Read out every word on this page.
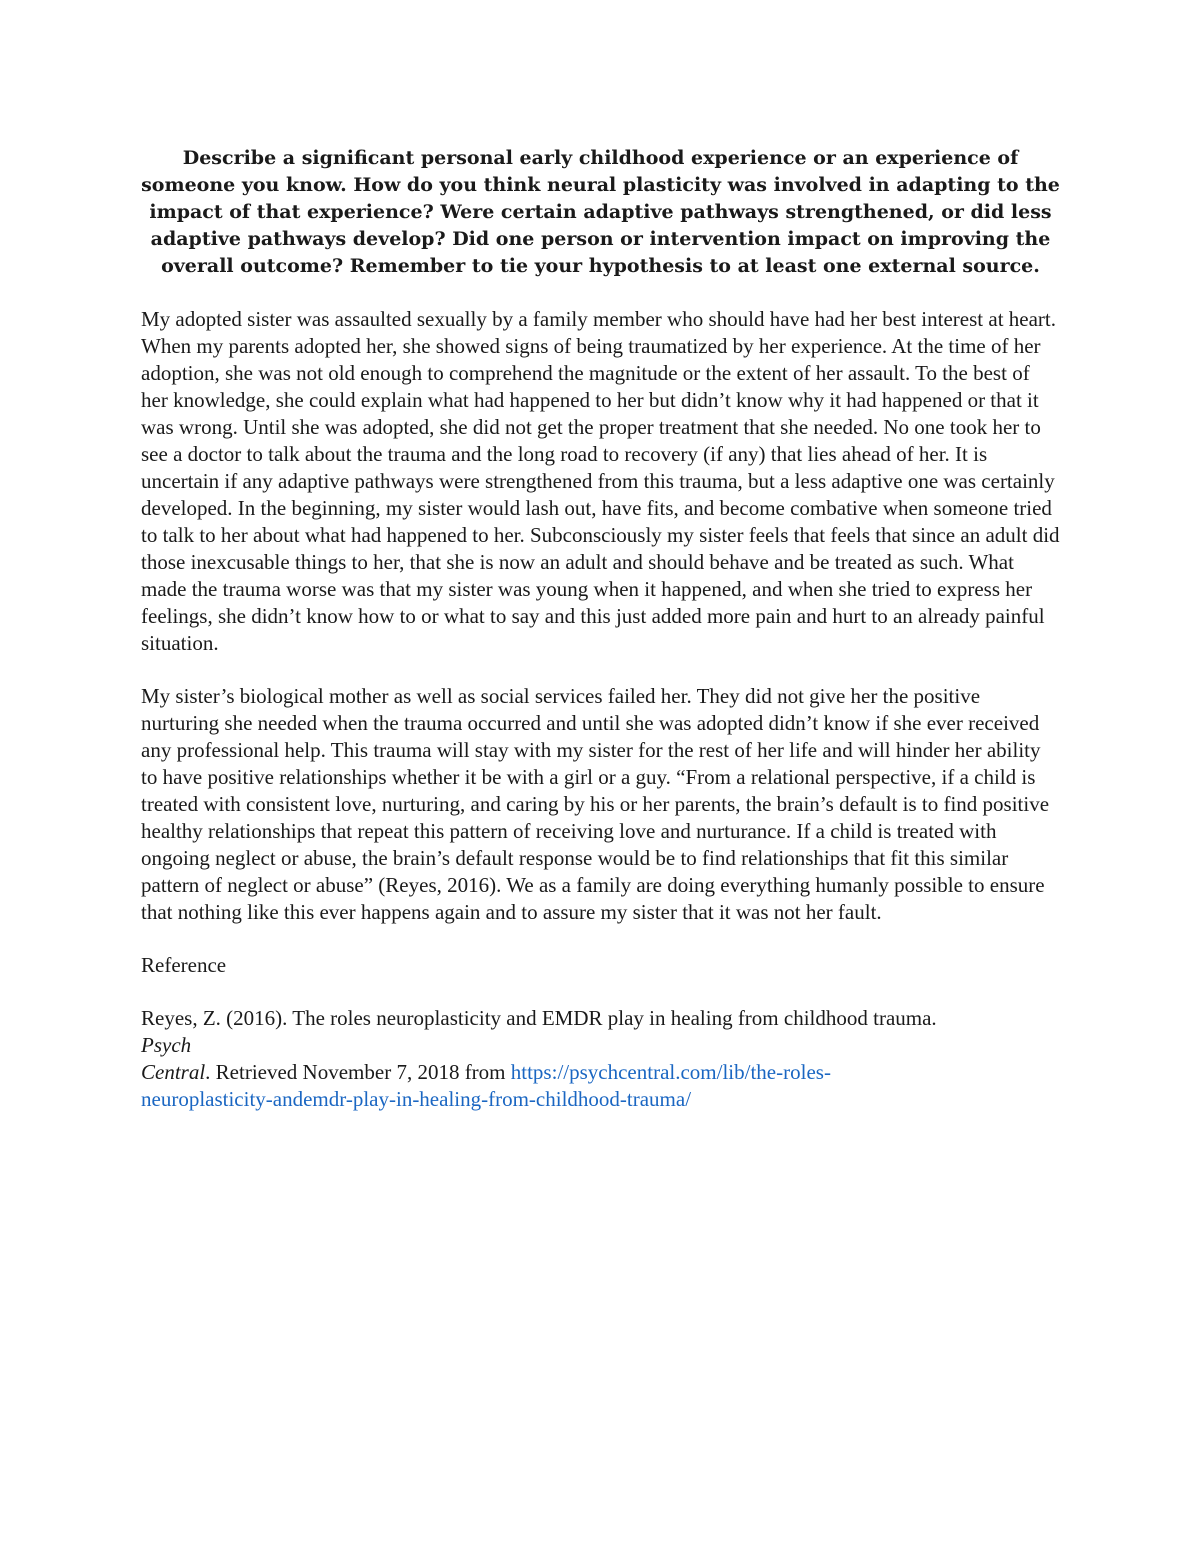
Describe a significant personal early childhood experience or an experience of someone you know. How do you think neural plasticity was involved in adapting to the impact of that experience? Were certain adaptive pathways strengthened, or did less adaptive pathways develop? Did one person or intervention impact on improving the overall outcome? Remember to tie your hypothesis to at least one external source.

My adopted sister was assaulted sexually by a family member who should have had her best interest at heart. When my parents adopted her, she showed signs of being traumatized by her experience. At the time of her adoption, she was not old enough to comprehend the magnitude or the extent of her assault. To the best of her knowledge, she could explain what had happened to her but didn’t know why it had happened or that it was wrong. Until she was adopted, she did not get the proper treatment that she needed. No one took her to see a doctor to talk about the trauma and the long road to recovery (if any) that lies ahead of her. It is uncertain if any adaptive pathways were strengthened from this trauma, but a less adaptive one was certainly developed. In the beginning, my sister would lash out, have fits, and become combative when someone tried to talk to her about what had happened to her. Subconsciously my sister feels that feels that since an adult did those inexcusable things to her, that she is now an adult and should behave and be treated as such. What made the trauma worse was that my sister was young when it happened, and when she tried to express her feelings, she didn’t know how to or what to say and this just added more pain and hurt to an already painful situation.

My sister’s biological mother as well as social services failed her. They did not give her the positive nurturing she needed when the trauma occurred and until she was adopted didn’t know if she ever received any professional help. This trauma will stay with my sister for the rest of her life and will hinder her ability to have positive relationships whether it be with a girl or a guy. “From a relational perspective, if a child is treated with consistent love, nurturing, and caring by his or her parents, the brain’s default is to find positive healthy relationships that repeat this pattern of receiving love and nurturance. If a child is treated with ongoing neglect or abuse, the brain’s default response would be to find relationships that fit this similar pattern of neglect or abuse” (Reyes, 2016). We as a family are doing everything humanly possible to ensure that nothing like this ever happens again and to assure my sister that it was not her fault.

Reference

Reyes, Z. (2016). The roles neuroplasticity and EMDR play in healing from childhood trauma.
Psych
Central. Retrieved November 7, 2018 from https://psychcentral.com/lib/the-roles-
neuroplasticity-andemdr-play-in-healing-from-childhood-trauma/
